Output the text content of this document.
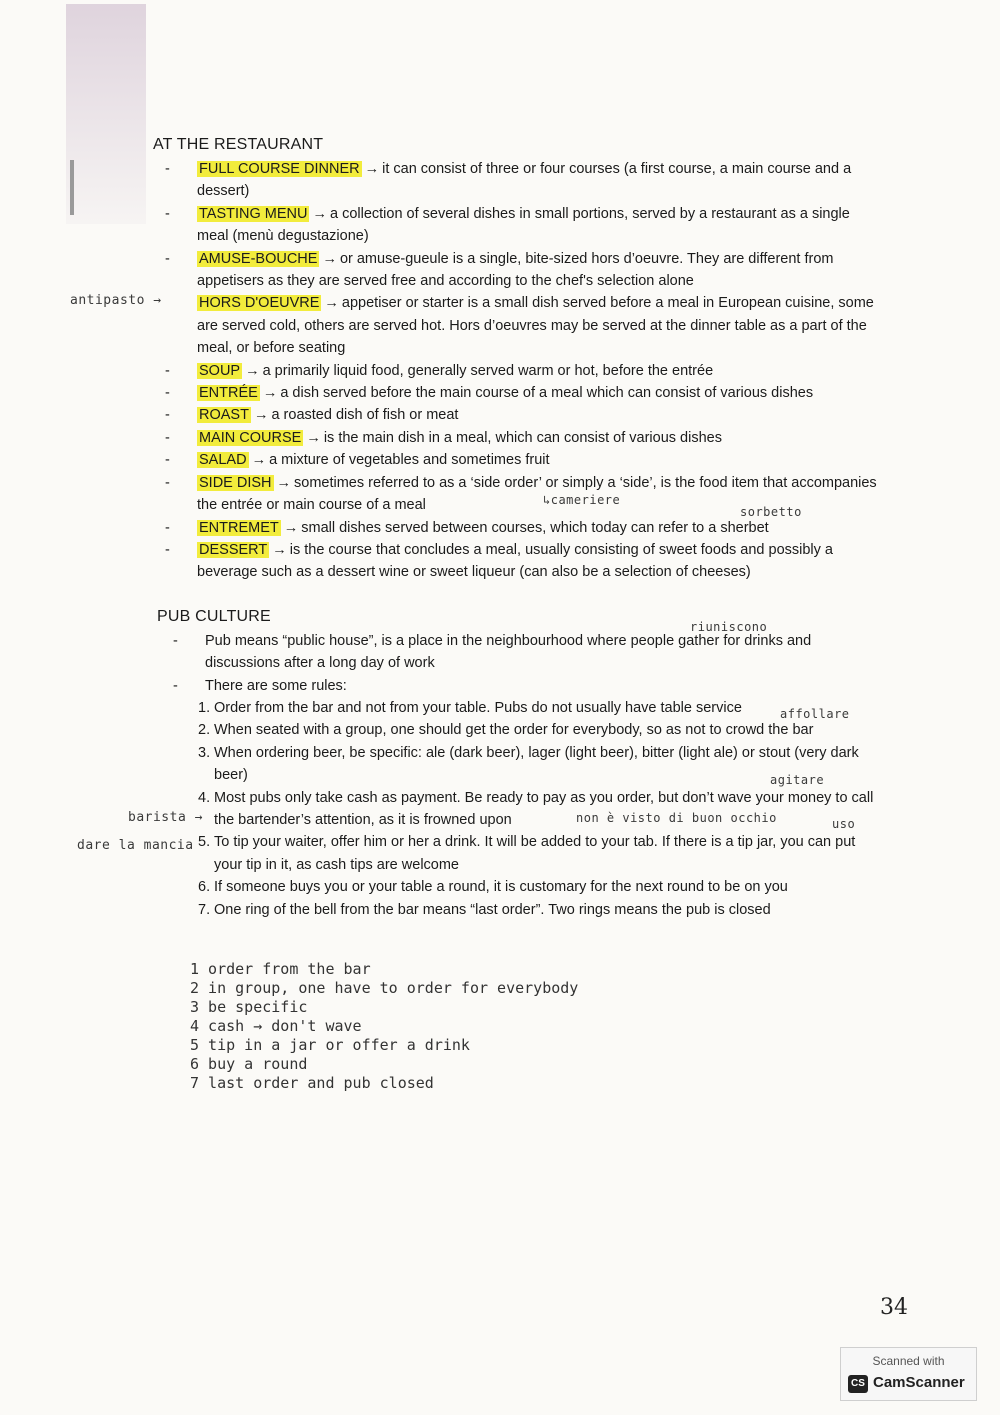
AT THE RESTAURANT
- FULL COURSE DINNER → it can consist of three or four courses (a first course, a main course and a dessert)
- TASTING MENU → a collection of several dishes in small portions, served by a restaurant as a single meal (menù degustazione)
- AMUSE-BOUCHE → or amuse-gueule is a single, bite-sized hors d’oeuvre. They are different from appetisers as they are served free and according to the chef's selection alone
HORS D'OEUVRE → appetiser or starter is a small dish served before a meal in European cuisine, some are served cold, others are served hot. Hors d’oeuvres may be served at the dinner table as a part of the meal, or before seating
- SOUP → a primarily liquid food, generally served warm or hot, before the entrée
- ENTRÉE → a dish served before the main course of a meal which can consist of various dishes
- ROAST → a roasted dish of fish or meat
- MAIN COURSE → is the main dish in a meal, which can consist of various dishes
- SALAD → a mixture of vegetables and sometimes fruit
- SIDE DISH → sometimes referred to as a ‘side order’ or simply a ‘side’, is the food item that accompanies the entrée or main course of a meal
- ENTREMET → small dishes served between courses, which today can refer to a sherbet
- DESSERT → is the course that concludes a meal, usually consisting of sweet foods and possibly a beverage such as a dessert wine or sweet liqueur (can also be a selection of cheeses)
PUB CULTURE
- Pub means “public house”, is a place in the neighbourhood where people gather for drinks and discussions after a long day of work
- There are some rules:
1. Order from the bar and not from your table. Pubs do not usually have table service
2. When seated with a group, one should get the order for everybody, so as not to crowd the bar
3. When ordering beer, be specific: ale (dark beer), lager (light beer), bitter (light ale) or stout (very dark beer)
4. Most pubs only take cash as payment. Be ready to pay as you order, but don’t wave your money to call the bartender’s attention, as it is frowned upon
5. To tip your waiter, offer him or her a drink. It will be added to your tab. If there is a tip jar, you can put your tip in it, as cash tips are welcome
6. If someone buys you or your table a round, it is customary for the next round to be on you
7. One ring of the bell from the bar means “last order”. Two rings means the pub is closed
antipasto →
↳cameriere
sorbetto
riuniscono
affollare
agitare
barista →	non è visto di buon occhio	uso
dare la mancia
1 order from the bar
2 in group, one have to order for everybody
3 be specific
4 cash → don't wave
5 tip in a jar or offer a drink
6 buy a round
7 last order and pub closed
34
Scanned with
CS CamScanner
